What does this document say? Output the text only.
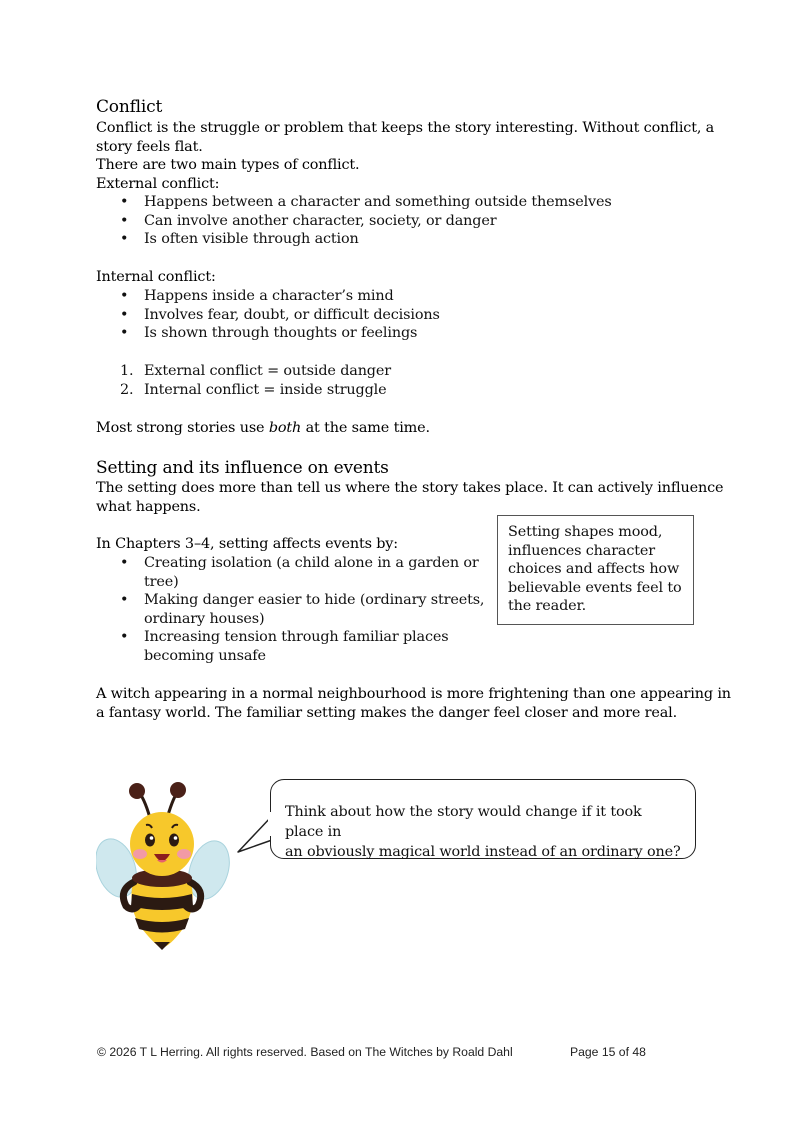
Conflict
Conflict is the struggle or problem that keeps the story interesting. Without conflict, a
story feels flat.
There are two main types of conflict.
External conflict:
• Happens between a character and something outside themselves
• Can involve another character, society, or danger
• Is often visible through action
Internal conflict:
• Happens inside a character’s mind
• Involves fear, doubt, or difficult decisions
• Is shown through thoughts or feelings
1. External conflict = outside danger
2. Internal conflict = inside struggle
Most strong stories use both at the same time.
Setting and its influence on events
The setting does more than tell us where the story takes place. It can actively influence
what happens.
In Chapters 3–4, setting affects events by:
• Creating isolation (a child alone in a garden or
tree)
• Making danger easier to hide (ordinary streets,
ordinary houses)
• Increasing tension through familiar places
becoming unsafe
Setting shapes mood,
influences character
choices and affects how
believable events feel to
the reader.
A witch appearing in a normal neighbourhood is more frightening than one appearing in
a fantasy world. The familiar setting makes the danger feel closer and more real.
Think about how the story would change if it took place in
an obviously magical world instead of an ordinary one?
© 2026 T L Herring. All rights reserved. Based on The Witches by Roald Dahl	Page 15 of 48
